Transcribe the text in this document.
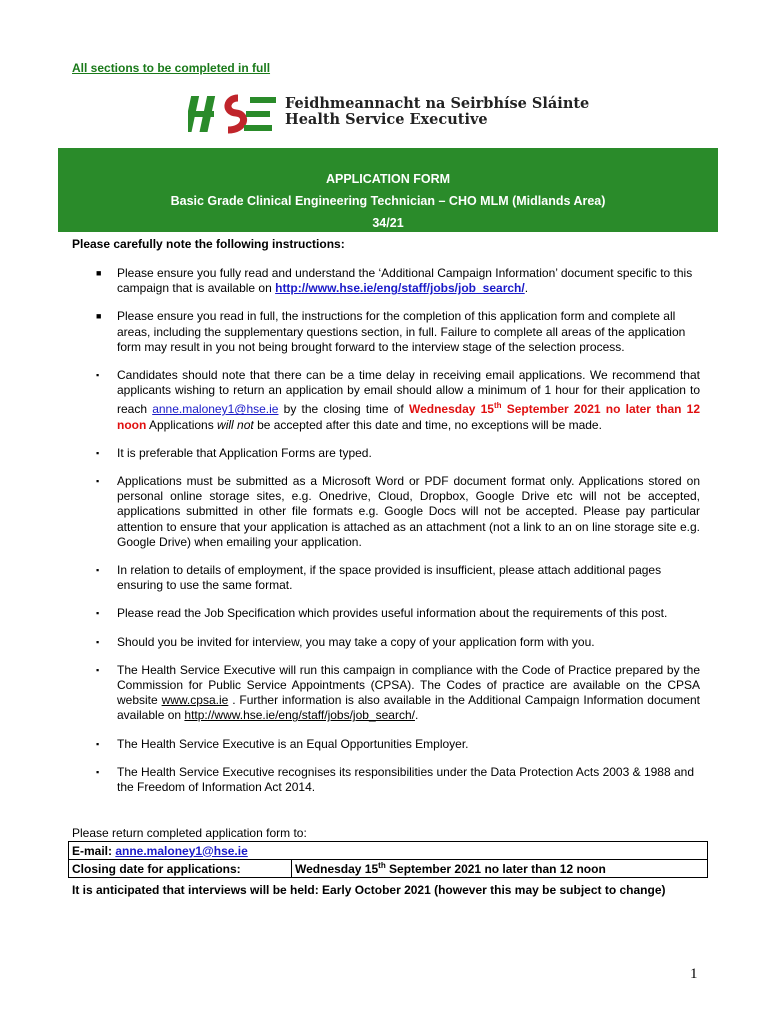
All sections to be completed in full
Feidhmeannacht na Seirbhíse Sláinte
Health Service Executive
APPLICATION FORM
Basic Grade Clinical Engineering Technician – CHO MLM (Midlands Area)
34/21
Please carefully note the following instructions:
■ Please ensure you fully read and understand the ‘Additional Campaign Information’ document specific to this campaign that is available on http://www.hse.ie/eng/staff/jobs/job_search/.
■ Please ensure you read in full, the instructions for the completion of this application form and complete all areas, including the supplementary questions section, in full. Failure to complete all areas of the application form may result in you not being brought forward to the interview stage of the selection process.
▪ Candidates should note that there can be a time delay in receiving email applications. We recommend that applicants wishing to return an application by email should allow a minimum of 1 hour for their application to reach anne.maloney1@hse.ie by the closing time of Wednesday 15th September 2021 no later than 12 noon Applications will not be accepted after this date and time, no exceptions will be made.
▪ It is preferable that Application Forms are typed.
▪ Applications must be submitted as a Microsoft Word or PDF document format only. Applications stored on personal online storage sites, e.g. Onedrive, Cloud, Dropbox, Google Drive etc will not be accepted, applications submitted in other file formats e.g. Google Docs will not be accepted. Please pay particular attention to ensure that your application is attached as an attachment (not a link to an on line storage site e.g. Google Drive) when emailing your application.
▪ In relation to details of employment, if the space provided is insufficient, please attach additional pages ensuring to use the same format.
▪ Please read the Job Specification which provides useful information about the requirements of this post.
▪ Should you be invited for interview, you may take a copy of your application form with you.
▪ The Health Service Executive will run this campaign in compliance with the Code of Practice prepared by the Commission for Public Service Appointments (CPSA). The Codes of practice are available on the CPSA website www.cpsa.ie . Further information is also available in the Additional Campaign Information document available on http://www.hse.ie/eng/staff/jobs/job_search/.
▪ The Health Service Executive is an Equal Opportunities Employer.
▪ The Health Service Executive recognises its responsibilities under the Data Protection Acts 2003 & 1988 and the Freedom of Information Act 2014.
Please return completed application form to:
E-mail: anne.maloney1@hse.ie
Closing date for applications:	Wednesday 15th September 2021 no later than 12 noon
It is anticipated that interviews will be held: Early October 2021 (however this may be subject to change)
1
